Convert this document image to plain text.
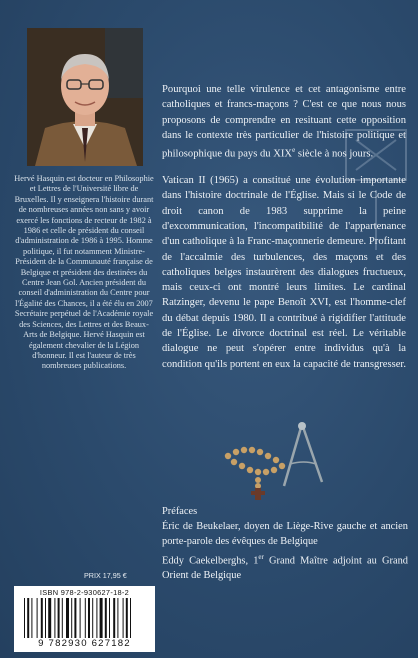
Hervé Hasquin est docteur en Philosophie et Lettres de l'Université libre de Bruxelles. Il y enseignera l'histoire durant de nombreuses années non sans y avoir exercé les fonctions de recteur de 1982 à 1986 et celle de président du conseil d'administration de 1986 à 1995. Homme politique, il fut notamment Ministre-Président de la Communauté française de Belgique et président des destinées du Centre Jean Gol. Ancien président du conseil d'administration du Centre pour l'Égalité des Chances, il a été élu en 2007 Secrétaire perpétuel de l'Académie royale des Sciences, des Lettres et des Beaux-Arts de Belgique. Hervé Hasquin est également chevalier de la Légion d'honneur. Il est l'auteur de très nombreuses publications.

Pourquoi une telle virulence et cet antagonisme entre catholiques et francs-maçons ? C'est ce que nous nous proposons de comprendre en resituant cette opposition dans le contexte très particulier de l'histoire politique et philosophique du pays du XIXe siècle à nos jours.

Vatican II (1965) a constitué une évolution importante dans l'histoire doctrinale de l'Église. Mais si le Code de droit canon de 1983 supprime la peine d'excommunication, l'incompatibilité de l'appartenance d'un catholique à la Franc-maçonnerie demeure. Profitant de l'accalmie des turbulences, des maçons et des catholiques belges instaurèrent des dialogues fructueux, mais ceux-ci ont montré leurs limites. Le cardinal Ratzinger, devenu le pape Benoît XVI, est l'homme-clef du débat depuis 1980. Il a contribué à rigidifier l'attitude de l'Église. Le divorce doctrinal est réel. Le véritable dialogue ne peut s'opérer entre individus qu'à la condition qu'ils portent en eux la capacité de transgresser.

Préfaces

Éric de Beukelaer, doyen de Liège-Rive gauche et ancien porte-parole des évêques de Belgique

Eddy Caekelberghs, 1er Grand Maître adjoint au Grand Orient de Belgique

PRIX 17,95 €
ISBN 978-2-930627-18-2
9 782930 627182
